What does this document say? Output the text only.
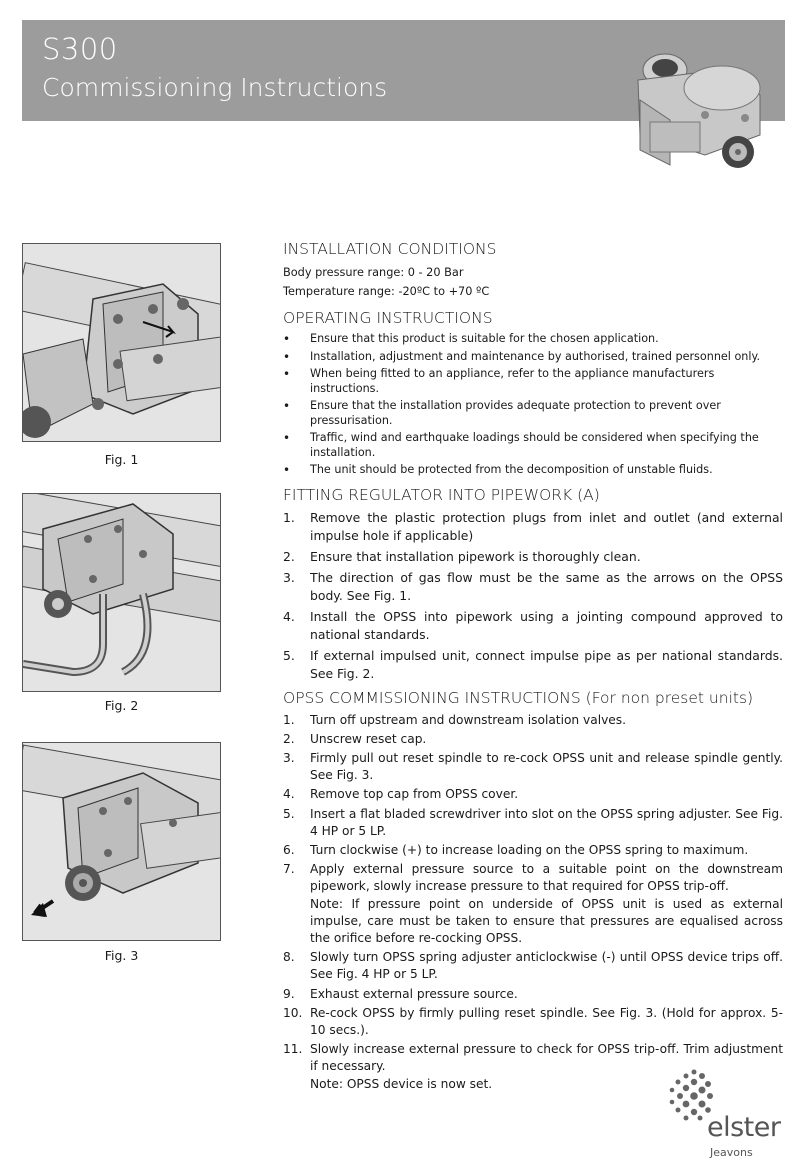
S300
Commissioning Instructions
Fig. 1
Fig. 2
Fig. 3
INSTALLATION CONDITIONS
Body pressure range: 0 - 20 Bar
Temperature range: -20ºC to +70 ºC
OPERATING INSTRUCTIONS
• Ensure that this product is suitable for the chosen application.
• Installation, adjustment and maintenance by authorised, trained personnel only.
• When being fitted to an appliance, refer to the appliance manufacturers instructions.
• Ensure that the installation provides adequate protection to prevent over pressurisation.
• Traffic, wind and earthquake loadings should be considered when specifying the installation.
• The unit should be protected from the decomposition of unstable fluids.
FITTING REGULATOR INTO PIPEWORK (A)
1. Remove the plastic protection plugs from inlet and outlet (and external impulse hole if applicable)
2. Ensure that installation pipework is thoroughly clean.
3. The direction of gas flow must be the same as the arrows on the OPSS body. See Fig. 1.
4. Install the OPSS into pipework using a jointing compound approved to national standards.
5. If external impulsed unit, connect impulse pipe as per national standards. See Fig. 2.
OPSS COMMISSIONING INSTRUCTIONS (For non preset units)
1. Turn off upstream and downstream isolation valves.
2. Unscrew reset cap.
3. Firmly pull out reset spindle to re-cock OPSS unit and release spindle gently. See Fig. 3.
4. Remove top cap from OPSS cover.
5. Insert a flat bladed screwdriver into slot on the OPSS spring adjuster. See Fig. 4 HP or 5 LP.
6. Turn clockwise (+) to increase loading on the OPSS spring to maximum.
7. Apply external pressure source to a suitable point on the downstream pipework, slowly increase pressure to that required for OPSS trip-off.
Note: If pressure point on underside of OPSS unit is used as external impulse, care must be taken to ensure that pressures are equalised across the orifice before re-cocking OPSS.
8. Slowly turn OPSS spring adjuster anticlockwise (-) until OPSS device trips off. See Fig. 4 HP or 5 LP.
9. Exhaust external pressure source.
10. Re-cock OPSS by firmly pulling reset spindle. See Fig. 3. (Hold for approx. 5-10 secs.).
11. Slowly increase external pressure to check for OPSS trip-off. Trim adjustment if necessary.
Note: OPSS device is now set.
elster
Jeavons
